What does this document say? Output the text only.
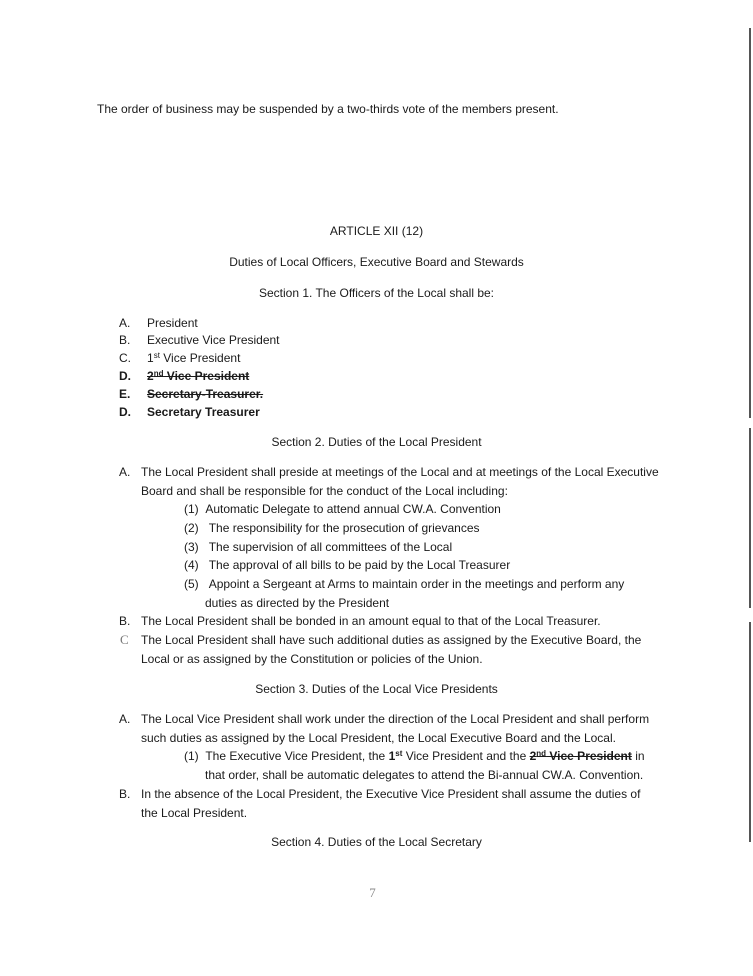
The order of business may be suspended by a two-thirds vote of the members present.
ARTICLE XII (12)
Duties of Local Officers, Executive Board and Stewards
Section 1. The Officers of the Local shall be:
A. President
B. Executive Vice President
C. 1st Vice President
D. 2nd Vice President
E. Secretary-Treasurer.
D. Secretary Treasurer
Section 2. Duties of the Local President
A. The Local President shall preside at meetings of the Local and at meetings of the Local Executive
Board and shall be responsible for the conduct of the Local including:
(1) Automatic Delegate to attend annual CW.A. Convention
(2) The responsibility for the prosecution of grievances
(3) The supervision of all committees of the Local
(4) The approval of all bills to be paid by the Local Treasurer
(5) Appoint a Sergeant at Arms to maintain order in the meetings and perform any
duties as directed by the President
B. The Local President shall be bonded in an amount equal to that of the Local Treasurer.
C The Local President shall have such additional duties as assigned by the Executive Board, the
Local or as assigned by the Constitution or policies of the Union.
Section 3. Duties of the Local Vice Presidents
A. The Local Vice President shall work under the direction of the Local President and shall perform
such duties as assigned by the Local President, the Local Executive Board and the Local.
(1) The Executive Vice President, the 1st Vice President and the 2nd Vice President in
that order, shall be automatic delegates to attend the Bi-annual CW.A. Convention.
B. In the absence of the Local President, the Executive Vice President shall assume the duties of
the Local President.
Section 4. Duties of the Local Secretary
7
